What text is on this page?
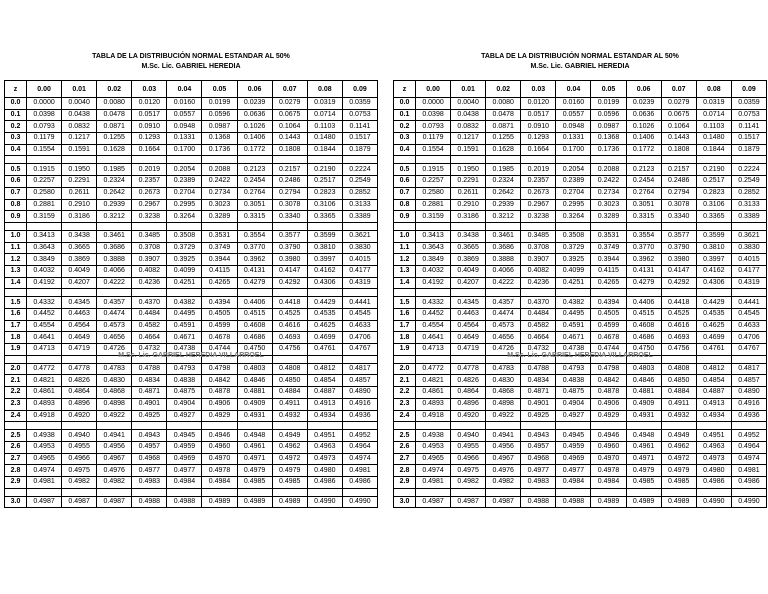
TABLA DE LA DISTRIBUCIÓN NORMAL ESTANDAR AL 50%

M.Sc. Lic. GABRIEL HEREDIA

z	0.00	0.01	0.02	0.03	0.04	0.05	0.06	0.07	0.08	0.09
0.0	0.0000	0.0040	0.0080	0.0120	0.0160	0.0199	0.0239	0.0279	0.0319	0.0359
0.1	0.0398	0.0438	0.0478	0.0517	0.0557	0.0596	0.0636	0.0675	0.0714	0.0753
0.2	0.0793	0.0832	0.0871	0.0910	0.0948	0.0987	0.1026	0.1064	0.1103	0.1141
0.3	0.1179	0.1217	0.1255	0.1293	0.1331	0.1368	0.1406	0.1443	0.1480	0.1517
0.4	0.1554	0.1591	0.1628	0.1664	0.1700	0.1736	0.1772	0.1808	0.1844	0.1879

0.5	0.1915	0.1950	0.1985	0.2019	0.2054	0.2088	0.2123	0.2157	0.2190	0.2224
0.6	0.2257	0.2291	0.2324	0.2357	0.2389	0.2422	0.2454	0.2486	0.2517	0.2549
0.7	0.2580	0.2611	0.2642	0.2673	0.2704	0.2734	0.2764	0.2794	0.2823	0.2852
0.8	0.2881	0.2910	0.2939	0.2967	0.2995	0.3023	0.3051	0.3078	0.3106	0.3133
0.9	0.3159	0.3186	0.3212	0.3238	0.3264	0.3289	0.3315	0.3340	0.3365	0.3389

1.0	0.3413	0.3438	0.3461	0.3485	0.3508	0.3531	0.3554	0.3577	0.3599	0.3621
1.1	0.3643	0.3665	0.3686	0.3708	0.3729	0.3749	0.3770	0.3790	0.3810	0.3830
1.2	0.3849	0.3869	0.3888	0.3907	0.3925	0.3944	0.3962	0.3980	0.3997	0.4015
1.3	0.4032	0.4049	0.4066	0.4082	0.4099	0.4115	0.4131	0.4147	0.4162	0.4177
1.4	0.4192	0.4207	0.4222	0.4236	0.4251	0.4265	0.4279	0.4292	0.4306	0.4319

1.5	0.4332	0.4345	0.4357	0.4370	0.4382	0.4394	0.4406	0.4418	0.4429	0.4441
1.6	0.4452	0.4463	0.4474	0.4484	0.4495	0.4505	0.4515	0.4525	0.4535	0.4545
1.7	0.4554	0.4564	0.4573	0.4582	0.4591	0.4599	0.4608	0.4616	0.4625	0.4633
1.8	0.4641	0.4649	0.4656	0.4664	0.4671	0.4678	0.4686	0.4693	0.4699	0.4706
1.9	0.4713	0.4719	0.4726	0.4732	0.4738	0.4744	0.4750	0.4756	0.4761	0.4767

2.0	0.4772	0.4778	0.4783	0.4788	0.4793	0.4798	0.4803	0.4808	0.4812	0.4817
2.1	0.4821	0.4826	0.4830	0.4834	0.4838	0.4842	0.4846	0.4850	0.4854	0.4857
2.2	0.4861	0.4864	0.4868	0.4871	0.4875	0.4878	0.4881	0.4884	0.4887	0.4890
2.3	0.4893	0.4896	0.4898	0.4901	0.4904	0.4906	0.4909	0.4911	0.4913	0.4916
2.4	0.4918	0.4920	0.4922	0.4925	0.4927	0.4929	0.4931	0.4932	0.4934	0.4936

2.5	0.4938	0.4940	0.4941	0.4943	0.4945	0.4946	0.4948	0.4949	0.4951	0.4952
2.6	0.4953	0.4955	0.4956	0.4957	0.4959	0.4960	0.4961	0.4962	0.4963	0.4964
2.7	0.4965	0.4966	0.4967	0.4968	0.4969	0.4970	0.4971	0.4972	0.4973	0.4974
2.8	0.4974	0.4975	0.4976	0.4977	0.4977	0.4978	0.4979	0.4979	0.4980	0.4981
2.9	0.4981	0.4982	0.4982	0.4983	0.4984	0.4984	0.4985	0.4985	0.4986	0.4986

3.0	0.4987	0.4987	0.4987	0.4988	0.4988	0.4989	0.4989	0.4989	0.4990	0.4990
M.Sc. Lic. GABRIEL HEREDIA VILLARROEL

TABLA DE LA DISTRIBUCIÓN NORMAL ESTANDAR AL 50%

M.Sc. Lic. GABRIEL HEREDIA

z	0.00	0.01	0.02	0.03	0.04	0.05	0.06	0.07	0.08	0.09
0.0	0.0000	0.0040	0.0080	0.0120	0.0160	0.0199	0.0239	0.0279	0.0319	0.0359
0.1	0.0398	0.0438	0.0478	0.0517	0.0557	0.0596	0.0636	0.0675	0.0714	0.0753
0.2	0.0793	0.0832	0.0871	0.0910	0.0948	0.0987	0.1026	0.1064	0.1103	0.1141
0.3	0.1179	0.1217	0.1255	0.1293	0.1331	0.1368	0.1406	0.1443	0.1480	0.1517
0.4	0.1554	0.1591	0.1628	0.1664	0.1700	0.1736	0.1772	0.1808	0.1844	0.1879

0.5	0.1915	0.1950	0.1985	0.2019	0.2054	0.2088	0.2123	0.2157	0.2190	0.2224
0.6	0.2257	0.2291	0.2324	0.2357	0.2389	0.2422	0.2454	0.2486	0.2517	0.2549
0.7	0.2580	0.2611	0.2642	0.2673	0.2704	0.2734	0.2764	0.2794	0.2823	0.2852
0.8	0.2881	0.2910	0.2939	0.2967	0.2995	0.3023	0.3051	0.3078	0.3106	0.3133
0.9	0.3159	0.3186	0.3212	0.3238	0.3264	0.3289	0.3315	0.3340	0.3365	0.3389

1.0	0.3413	0.3438	0.3461	0.3485	0.3508	0.3531	0.3554	0.3577	0.3599	0.3621
1.1	0.3643	0.3665	0.3686	0.3708	0.3729	0.3749	0.3770	0.3790	0.3810	0.3830
1.2	0.3849	0.3869	0.3888	0.3907	0.3925	0.3944	0.3962	0.3980	0.3997	0.4015
1.3	0.4032	0.4049	0.4066	0.4082	0.4099	0.4115	0.4131	0.4147	0.4162	0.4177
1.4	0.4192	0.4207	0.4222	0.4236	0.4251	0.4265	0.4279	0.4292	0.4306	0.4319

1.5	0.4332	0.4345	0.4357	0.4370	0.4382	0.4394	0.4406	0.4418	0.4429	0.4441
1.6	0.4452	0.4463	0.4474	0.4484	0.4495	0.4505	0.4515	0.4525	0.4535	0.4545
1.7	0.4554	0.4564	0.4573	0.4582	0.4591	0.4599	0.4608	0.4616	0.4625	0.4633
1.8	0.4641	0.4649	0.4656	0.4664	0.4671	0.4678	0.4686	0.4693	0.4699	0.4706
1.9	0.4713	0.4719	0.4726	0.4732	0.4738	0.4744	0.4750	0.4756	0.4761	0.4767

2.0	0.4772	0.4778	0.4783	0.4788	0.4793	0.4798	0.4803	0.4808	0.4812	0.4817
2.1	0.4821	0.4826	0.4830	0.4834	0.4838	0.4842	0.4846	0.4850	0.4854	0.4857
2.2	0.4861	0.4864	0.4868	0.4871	0.4875	0.4878	0.4881	0.4884	0.4887	0.4890
2.3	0.4893	0.4896	0.4898	0.4901	0.4904	0.4906	0.4909	0.4911	0.4913	0.4916
2.4	0.4918	0.4920	0.4922	0.4925	0.4927	0.4929	0.4931	0.4932	0.4934	0.4936

2.5	0.4938	0.4940	0.4941	0.4943	0.4945	0.4946	0.4948	0.4949	0.4951	0.4952
2.6	0.4953	0.4955	0.4956	0.4957	0.4959	0.4960	0.4961	0.4962	0.4963	0.4964
2.7	0.4965	0.4966	0.4967	0.4968	0.4969	0.4970	0.4971	0.4972	0.4973	0.4974
2.8	0.4974	0.4975	0.4976	0.4977	0.4977	0.4978	0.4979	0.4979	0.4980	0.4981
2.9	0.4981	0.4982	0.4982	0.4983	0.4984	0.4984	0.4985	0.4985	0.4986	0.4986

3.0	0.4987	0.4987	0.4987	0.4988	0.4988	0.4989	0.4989	0.4989	0.4990	0.4990
M.Sc. Lic. GABRIEL HEREDIA VILLARROEL
